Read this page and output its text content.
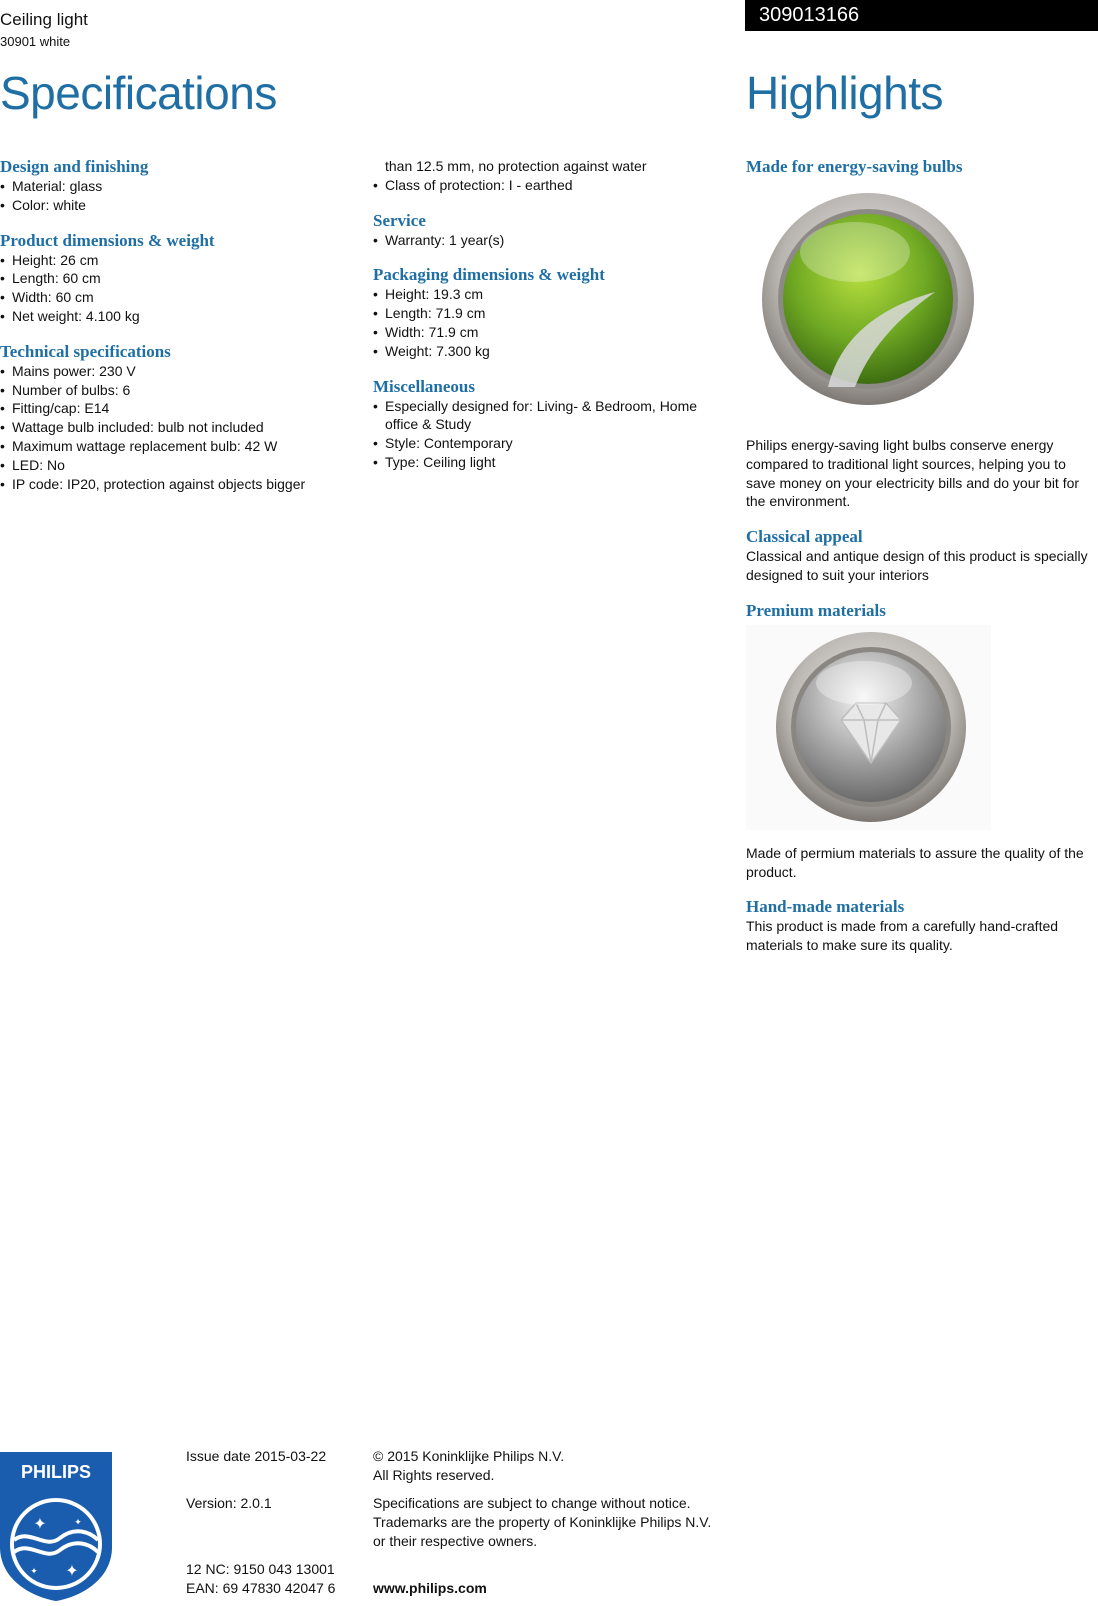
Ceiling light
30901 white
309013166
Specifications	Highlights
Design and finishing
• Material: glass
• Color: white
Product dimensions & weight
• Height: 26 cm
• Length: 60 cm
• Width: 60 cm
• Net weight: 4.100 kg
Technical specifications
• Mains power: 230 V
• Number of bulbs: 6
• Fitting/cap: E14
• Wattage bulb included: bulb not included
• Maximum wattage replacement bulb: 42 W
• LED: No
• IP code: IP20, protection against objects bigger
than 12.5 mm, no protection against water
• Class of protection: I - earthed
Service
• Warranty: 1 year(s)
Packaging dimensions & weight
• Height: 19.3 cm
• Length: 71.9 cm
• Width: 71.9 cm
• Weight: 7.300 kg
Miscellaneous
• Especially designed for: Living- & Bedroom, Home office & Study
• Style: Contemporary
• Type: Ceiling light
Made for energy-saving bulbs

Philips energy-saving light bulbs conserve energy compared to traditional light sources, helping you to save money on your electricity bills and do your bit for the environment.

Classical appeal

Classical and antique design of this product is specially designed to suit your interiors

Premium materials

Made of permium materials to assure the quality of the product.

Hand-made materials

This product is made from a carefully hand-crafted materials to make sure its quality.

PHILIPS
✦
✦
✦
✦
Issue date 2015-03-22
Version: 2.0.1
12 NC: 9150 043 13001
EAN: 69 47830 42047 6
© 2015 Koninklijke Philips N.V.
All Rights reserved.
Specifications are subject to change without notice.
Trademarks are the property of Koninklijke Philips N.V.
or their respective owners.
www.philips.com
